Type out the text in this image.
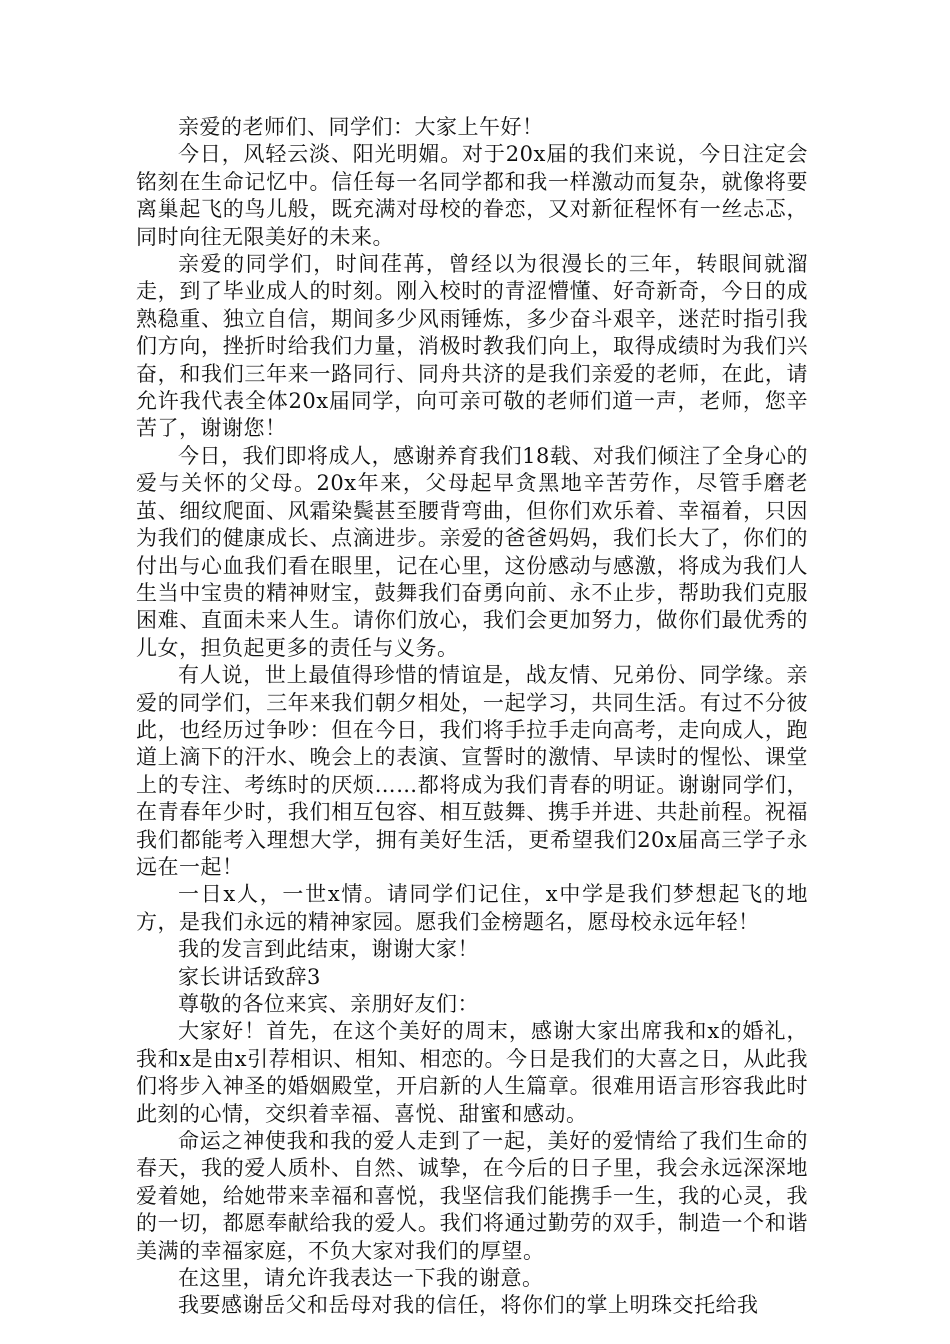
亲爱的老师们、同学们：大家上午好！

今日，风轻云淡、阳光明媚。对于20x届的我们来说，今日注定会铭刻在生命记忆中。信任每一名同学都和我一样激动而复杂，就像将要离巢起飞的鸟儿般，既充满对母校的眷恋，又对新征程怀有一丝忐忑，同时向往无限美好的未来。

亲爱的同学们，时间荏苒，曾经以为很漫长的三年，转眼间就溜走，到了毕业成人的时刻。刚入校时的青涩懵懂、好奇新奇，今日的成熟稳重、独立自信，期间多少风雨锤炼，多少奋斗艰辛，迷茫时指引我们方向，挫折时给我们力量，消极时教我们向上，取得成绩时为我们兴奋，和我们三年来一路同行、同舟共济的是我们亲爱的老师，在此，请允许我代表全体20x届同学，向可亲可敬的老师们道一声，老师，您辛苦了，谢谢您！

今日，我们即将成人，感谢养育我们18载、对我们倾注了全身心的爱与关怀的父母。20x年来，父母起早贪黑地辛苦劳作，尽管手磨老茧、细纹爬面、风霜染鬓甚至腰背弯曲，但你们欢乐着、幸福着，只因为我们的健康成长、点滴进步。亲爱的爸爸妈妈，我们长大了，你们的付出与心血我们看在眼里，记在心里，这份感动与感激，将成为我们人生当中宝贵的精神财宝，鼓舞我们奋勇向前、永不止步，帮助我们克服困难、直面未来人生。请你们放心，我们会更加努力，做你们最优秀的儿女，担负起更多的责任与义务。

有人说，世上最值得珍惜的情谊是，战友情、兄弟份、同学缘。亲爱的同学们，三年来我们朝夕相处，一起学习，共同生活。有过不分彼此，也经历过争吵：但在今日，我们将手拉手走向高考，走向成人，跑道上滴下的汗水、晚会上的表演、宣誓时的激情、早读时的惺忪、课堂上的专注、考练时的厌烦……都将成为我们青春的明证。谢谢同学们，在青春年少时，我们相互包容、相互鼓舞、携手并进、共赴前程。祝福我们都能考入理想大学，拥有美好生活，更希望我们20x届高三学子永远在一起！

一日x人，一世x情。请同学们记住，x中学是我们梦想起飞的地方，是我们永远的精神家园。愿我们金榜题名，愿母校永远年轻！

我的发言到此结束，谢谢大家！

家长讲话致辞3

尊敬的各位来宾、亲朋好友们：

大家好！首先，在这个美好的周末，感谢大家出席我和x的婚礼，我和x是由x引荐相识、相知、相恋的。今日是我们的大喜之日，从此我们将步入神圣的婚姻殿堂，开启新的人生篇章。很难用语言形容我此时此刻的心情，交织着幸福、喜悦、甜蜜和感动。

命运之神使我和我的爱人走到了一起，美好的爱情给了我们生命的春天，我的爱人质朴、自然、诚挚，在今后的日子里，我会永远深深地爱着她，给她带来幸福和喜悦，我坚信我们能携手一生，我的心灵，我的一切，都愿奉献给我的爱人。我们将通过勤劳的双手，制造一个和谐美满的幸福家庭，不负大家对我们的厚望。

在这里，请允许我表达一下我的谢意。

我要感谢岳父和岳母对我的信任，将你们的掌上明珠交托给我
